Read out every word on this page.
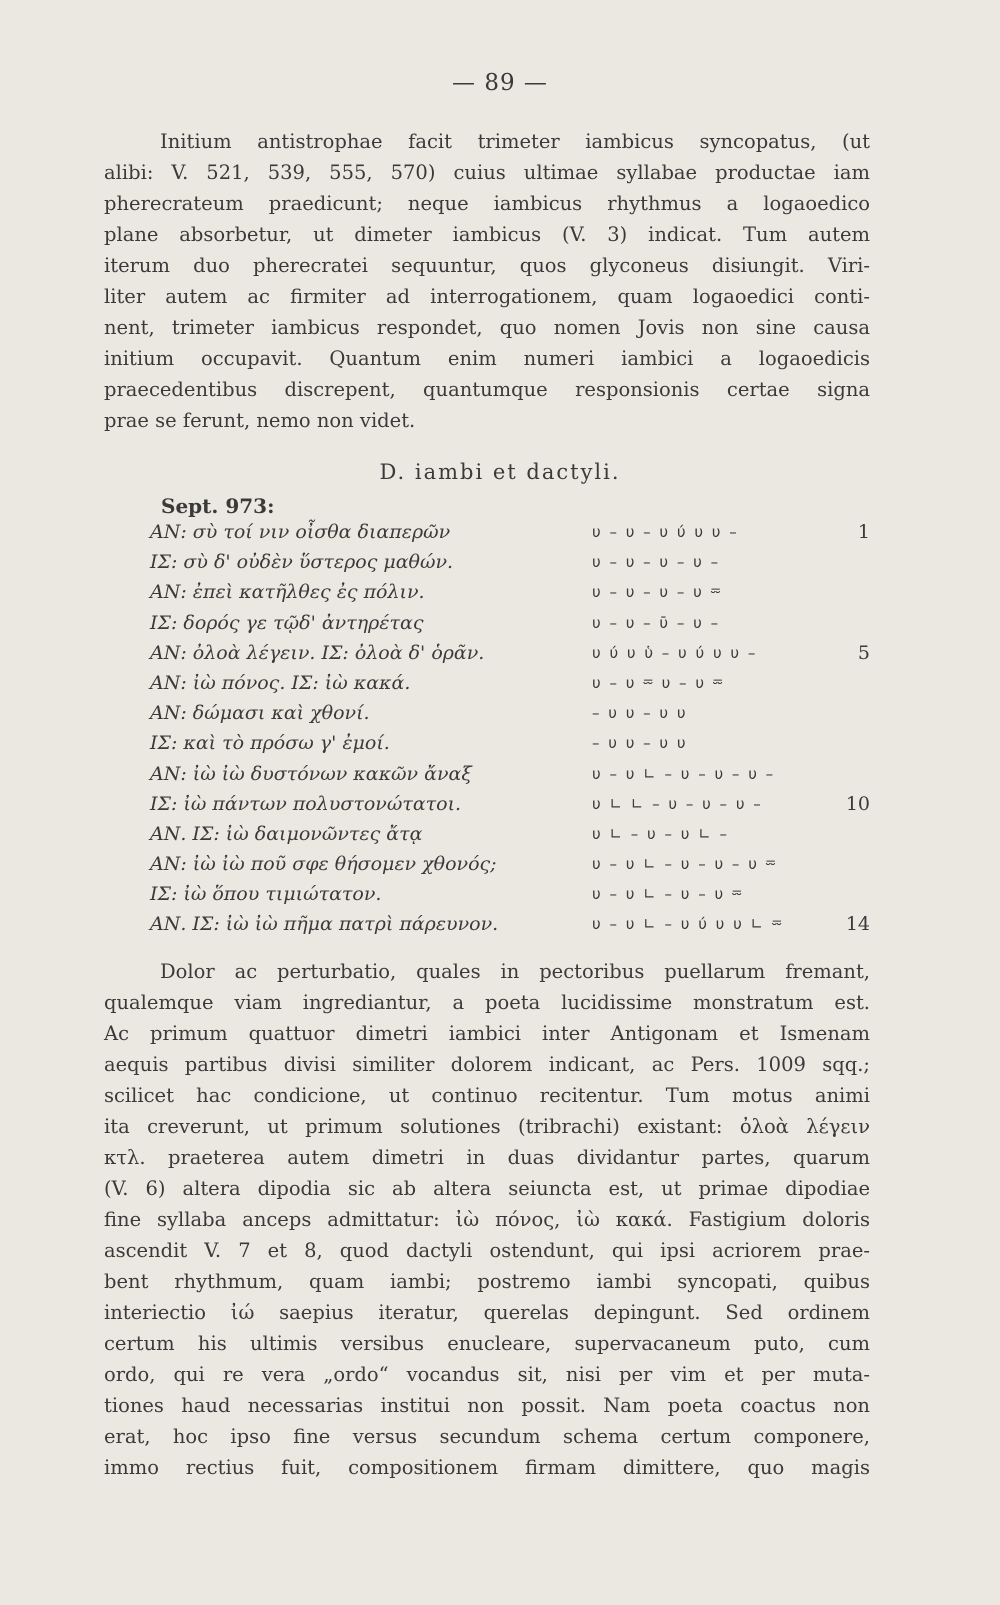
— 89 —
Initium antistrophae facit trimeter iambicus syncopatus, (ut
alibi: V. 521, 539, 555, 570) cuius ultimae syllabae productae iam
pherecrateum praedicunt; neque iambicus rhythmus a logaoedico
plane absorbetur, ut dimeter iambicus (V. 3) indicat. Tum autem
iterum duo pherecratei sequuntur, quos glyconeus disiungit. Viri-
liter autem ac firmiter ad interrogationem, quam logaoedici conti-
nent, trimeter iambicus respondet, quo nomen Jovis non sine causa
initium occupavit. Quantum enim numeri iambici a logaoedicis
praecedentibus discrepent, quantumque responsionis certae signa
prae se ferunt, nemo non videt.
D. iambi et dactyli.
Sept. 973:
ΑΝ: σὺ τοί νιν οἶσθα διαπερῶν	υ – υ – υ ύ υ υ –	1
ΙΣ: σὺ δ' οὐδὲν ὕστερος μαθών.	υ – υ – υ – υ –
ΑΝ: ἐπεὶ κατῆλθες ἐς πόλιν.	υ – υ – υ – υ ⏔
ΙΣ: δορός γε τῷδ' ἀντηρέτας	υ – υ – ῡ – υ –
ΑΝ: ὀλοὰ λέγειν. ΙΣ: ὀλοὰ δ' ὁρᾶν.	υ ύ υ ὑ – υ ύ υ υ –	5
ΑΝ: ἰὼ πόνος. ΙΣ: ἰὼ κακά.	υ – υ ⏔ υ – υ ⏔
ΑΝ: δώμασι καὶ χθονί.	– υ υ – υ υ
ΙΣ: καὶ τὸ πρόσω γ' ἐμοί.	– υ υ – υ υ
ΑΝ: ἰὼ ἰὼ δυστόνων κακῶν ἄναξ	υ – υ ∟ – υ – υ – υ –
ΙΣ: ἰὼ πάντων πολυστονώτατοι.	υ ∟ ∟ – υ – υ – υ –	10
ΑΝ. ΙΣ: ἰὼ δαιμονῶντες ἄτᾳ	υ ∟ – υ – υ ∟ –
ΑΝ: ἰὼ ἰὼ ποῦ σφε θήσομεν χθονός;	υ – υ ∟ – υ – υ – υ ⏔
ΙΣ: ἰὼ ὅπου τιμιώτατον.	υ – υ ∟ – υ – υ ⏔
ΑΝ. ΙΣ: ἰὼ ἰὼ πῆμα πατρὶ πάρευνον.	υ – υ ∟ – υ ύ υ υ ∟ ⏔	14
Dolor ac perturbatio, quales in pectoribus puellarum fremant,
qualemque viam ingrediantur, a poeta lucidissime monstratum est.
Ac primum quattuor dimetri iambici inter Antigonam et Ismenam
aequis partibus divisi similiter dolorem indicant, ac Pers. 1009 sqq.;
scilicet hac condicione, ut continuo recitentur. Tum motus animi
ita creverunt, ut primum solutiones (tribrachi) existant: ὀλοὰ λέγειν
κτλ. praeterea autem dimetri in duas dividantur partes, quarum
(V. 6) altera dipodia sic ab altera seiuncta est, ut primae dipodiae
fine syllaba anceps admittatur: ἰὼ πόνος, ἰὼ κακά. Fastigium doloris
ascendit V. 7 et 8, quod dactyli ostendunt, qui ipsi acriorem prae-
bent rhythmum, quam iambi; postremo iambi syncopati, quibus
interiectio ἰώ saepius iteratur, querelas depingunt. Sed ordinem
certum his ultimis versibus enucleare, supervacaneum puto, cum
ordo, qui re vera „ordo“ vocandus sit, nisi per vim et per muta-
tiones haud necessarias institui non possit. Nam poeta coactus non
erat, hoc ipso fine versus secundum schema certum componere,
immo rectius fuit, compositionem firmam dimittere, quo magis
